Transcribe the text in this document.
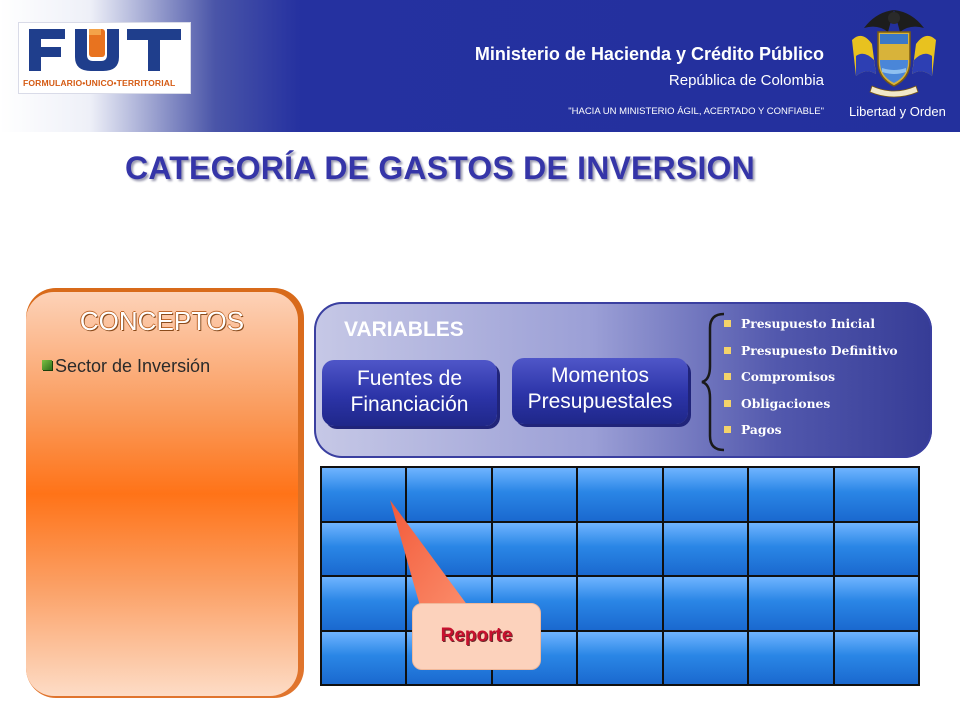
FORMULARIO•UNICO•TERRITORIAL
Ministerio de Hacienda y Crédito Público
República de Colombia
"HACIA UN MINISTERIO ÁGIL, ACERTADO Y CONFIABLE" Libertad y Orden
CATEGORÍA DE GASTOS DE INVERSION
CONCEPTOS
Sector de Inversión
VARIABLES
Fuentes de Financiación
Momentos Presupuestales
Presupuesto Inicial
Presupuesto Definitivo
Compromisos
Obligaciones
Pagos

Reporte
